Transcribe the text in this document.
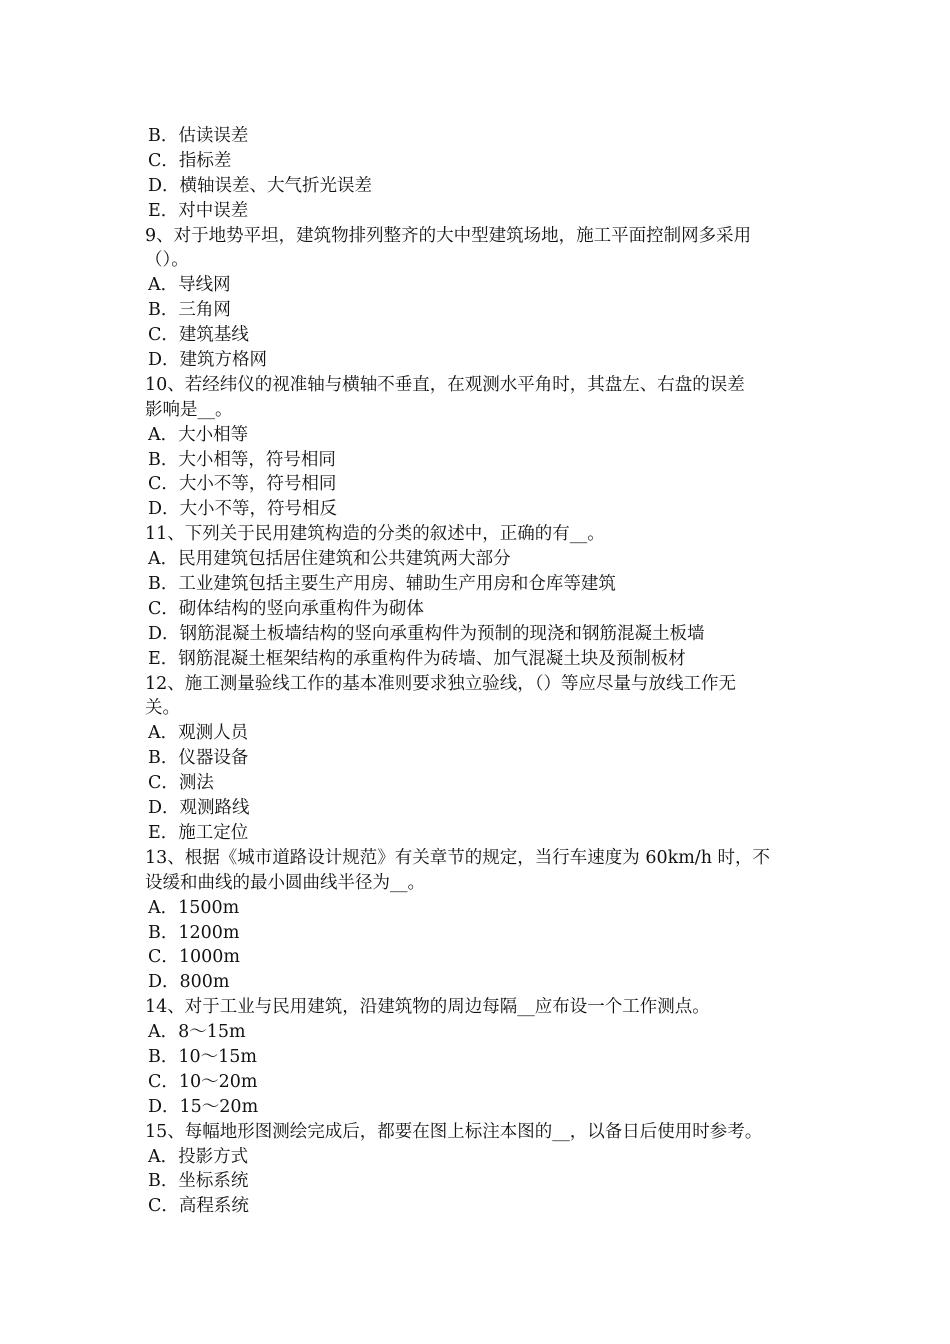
B．估读误差
C．指标差
D．横轴误差、大气折光误差
E．对中误差
9、对于地势平坦，建筑物排列整齐的大中型建筑场地，施工平面控制网多采用
（）。
A．导线网
B．三角网
C．建筑基线
D．建筑方格网
10、若经纬仪的视准轴与横轴不垂直，在观测水平角时，其盘左、右盘的误差
影响是__。
A．大小相等
B．大小相等，符号相同
C．大小不等，符号相同
D．大小不等，符号相反
11、下列关于民用建筑构造的分类的叙述中，正确的有__。
A．民用建筑包括居住建筑和公共建筑两大部分
B．工业建筑包括主要生产用房、辅助生产用房和仓库等建筑
C．砌体结构的竖向承重构件为砌体
D．钢筋混凝土板墙结构的竖向承重构件为预制的现浇和钢筋混凝土板墙
E．钢筋混凝土框架结构的承重构件为砖墙、加气混凝土块及预制板材
12、施工测量验线工作的基本准则要求独立验线，（）等应尽量与放线工作无
关。
A．观测人员
B．仪器设备
C．测法
D．观测路线
E．施工定位
13、根据《城市道路设计规范》有关章节的规定，当行车速度为 60km/h 时，不
设缓和曲线的最小圆曲线半径为__。
A．1500m
B．1200m
C．1000m
D．800m
14、对于工业与民用建筑，沿建筑物的周边每隔__应布设一个工作测点。
A．8～15m
B．10～15m
C．10～20m
D．15～20m
15、每幅地形图测绘完成后，都要在图上标注本图的__，以备日后使用时参考。
A．投影方式
B．坐标系统
C．高程系统
